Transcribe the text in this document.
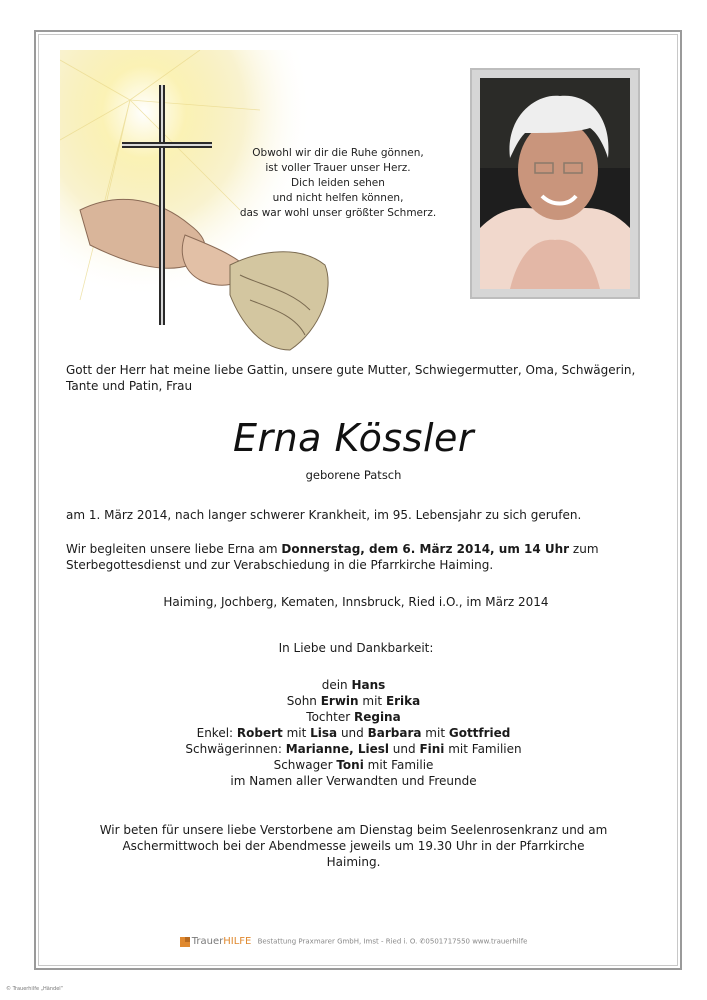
Obwohl wir dir die Ruhe gönnen,
ist voller Trauer unser Herz.
Dich leiden sehen
und nicht helfen können,
das war wohl unser größter Schmerz.
Gott der Herr hat meine liebe Gattin, unsere gute Mutter, Schwiegermutter, Oma, Schwägerin, Tante und Patin, Frau
Erna Kössler
geborene Patsch
am 1. März 2014, nach langer schwerer Krankheit, im 95. Lebensjahr zu sich gerufen.
Wir begleiten unsere liebe Erna am Donnerstag, dem 6. März 2014, um 14 Uhr zum Sterbegottesdienst und zur Verabschiedung in die Pfarrkirche Haiming.
Haiming, Jochberg, Kematen, Innsbruck, Ried i.O., im März 2014
In Liebe und Dankbarkeit:
dein Hans
Sohn Erwin mit Erika
Tochter Regina
Enkel: Robert mit Lisa und Barbara mit Gottfried
Schwägerinnen: Marianne, Liesl und Fini mit Familien
Schwager Toni mit Familie
im Namen aller Verwandten und Freunde
Wir beten für unsere liebe Verstorbene am Dienstag beim Seelenrosenkranz und am Aschermittwoch bei der Abendmesse jeweils um 19.30 Uhr in der Pfarrkirche Haiming.
TrauerHILFE Bestattung Praxmarer GmbH, Imst - Ried i. O. ✆0501717550 www.trauerhilfe
© Trauerhilfe „Händel“
